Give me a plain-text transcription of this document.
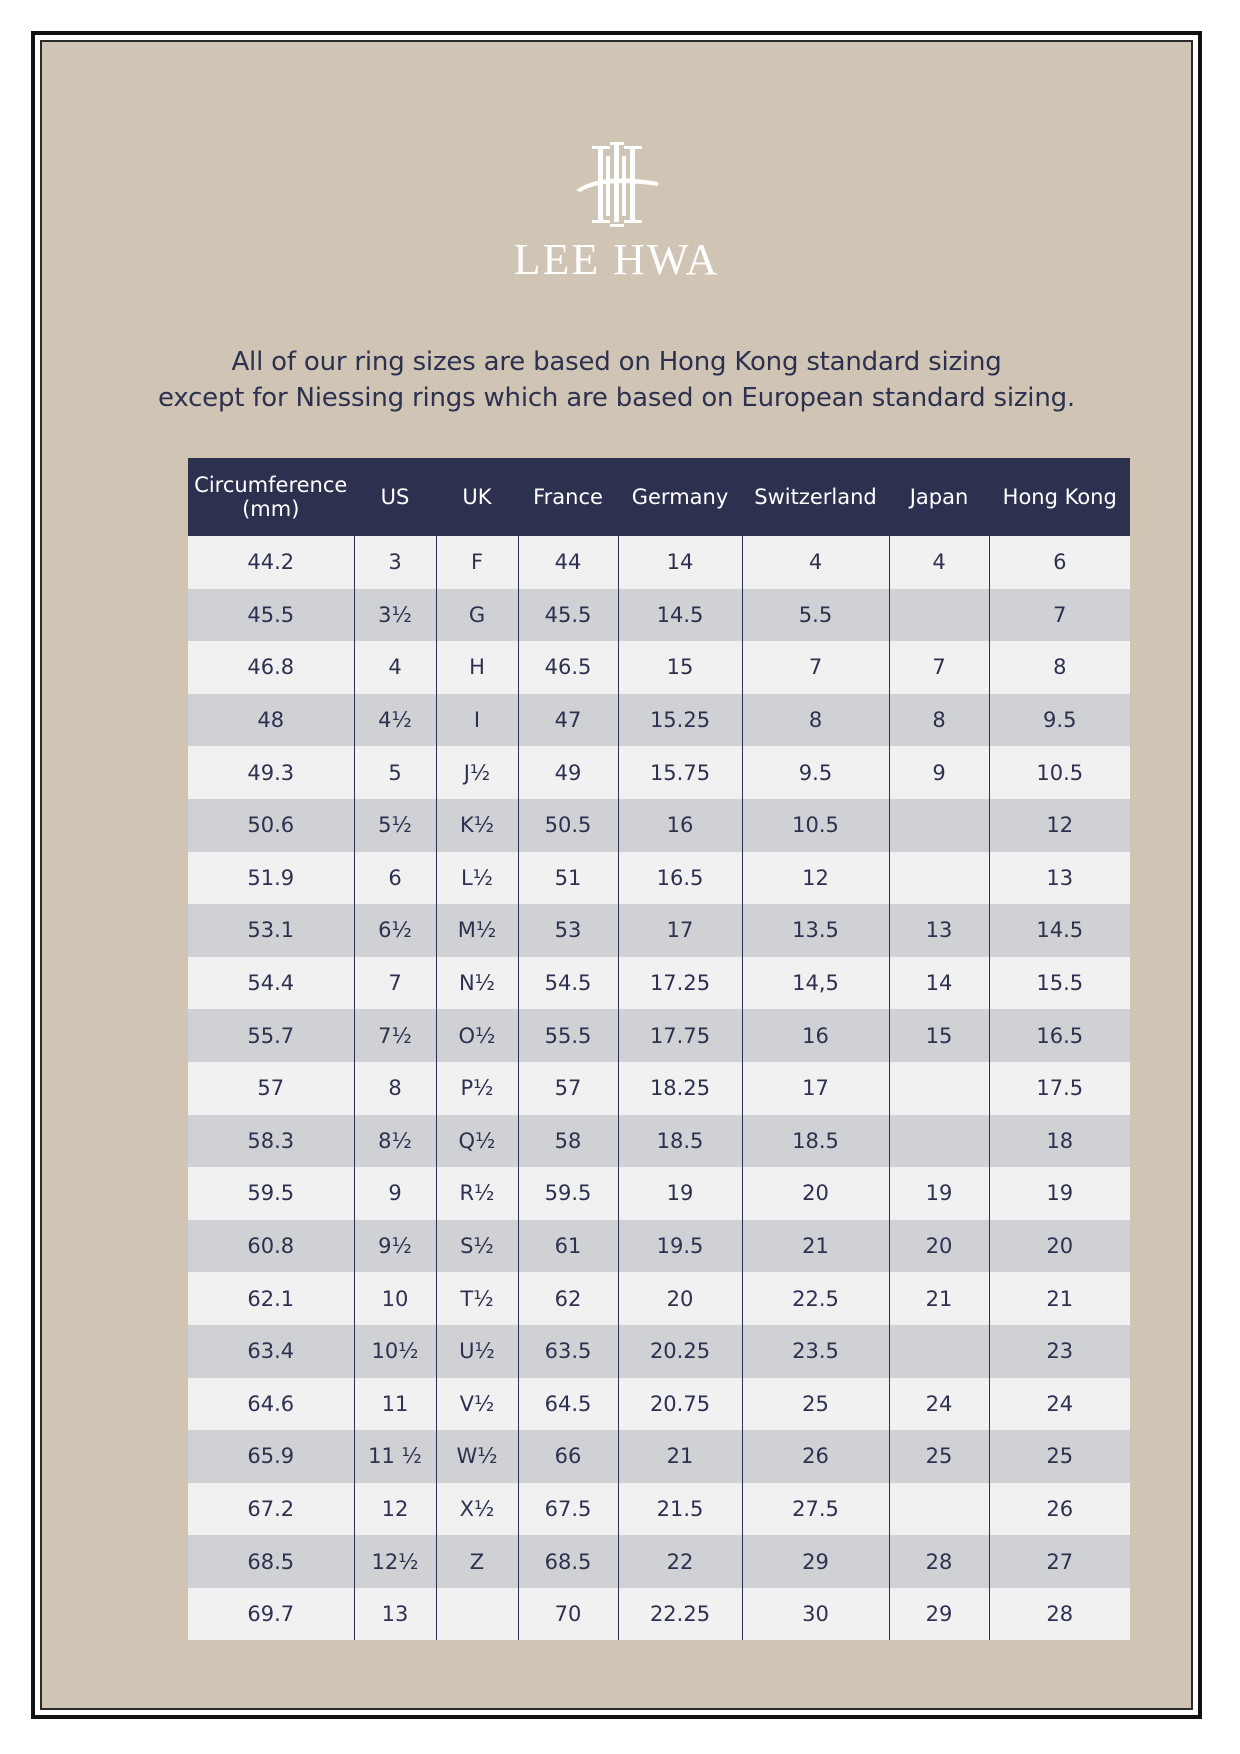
LEE HWA
All of our ring sizes are based on Hong Kong standard sizing
except for Niessing rings which are based on European standard sizing.
Circumference (mm)	US	UK	France	Germany	Switzerland	Japan	Hong Kong
44.2	3	F	44	14	4	4	6
45.5	3½	G	45.5	14.5	5.5		7
46.8	4	H	46.5	15	7	7	8
48	4½	I	47	15.25	8	8	9.5
49.3	5	J½	49	15.75	9.5	9	10.5
50.6	5½	K½	50.5	16	10.5		12
51.9	6	L½	51	16.5	12		13
53.1	6½	M½	53	17	13.5	13	14.5
54.4	7	N½	54.5	17.25	14,5	14	15.5
55.7	7½	O½	55.5	17.75	16	15	16.5
57	8	P½	57	18.25	17		17.5
58.3	8½	Q½	58	18.5	18.5		18
59.5	9	R½	59.5	19	20	19	19
60.8	9½	S½	61	19.5	21	20	20
62.1	10	T½	62	20	22.5	21	21
63.4	10½	U½	63.5	20.25	23.5		23
64.6	11	V½	64.5	20.75	25	24	24
65.9	11 ½	W½	66	21	26	25	25
67.2	12	X½	67.5	21.5	27.5		26
68.5	12½	Z	68.5	22	29	28	27
69.7	13		70	22.25	30	29	28
